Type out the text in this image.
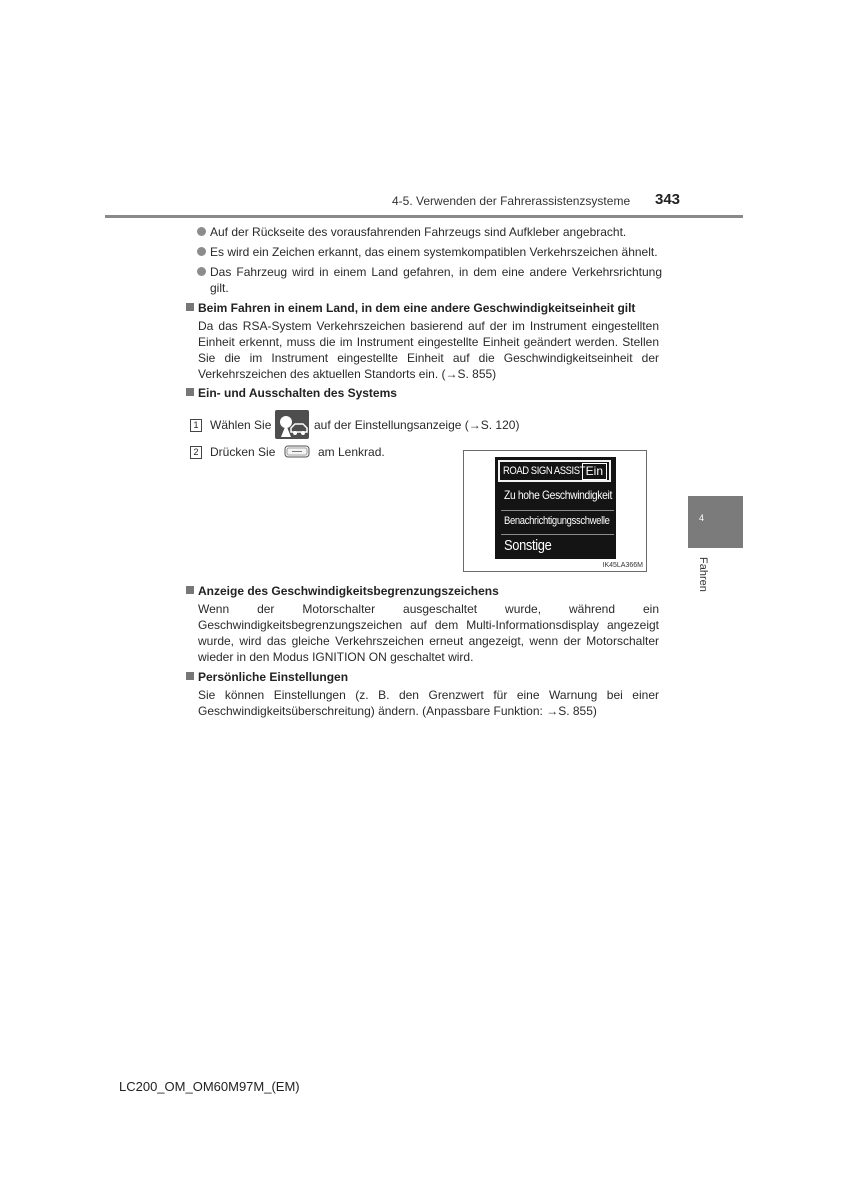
4-5. Verwenden der Fahrerassistenzsysteme 343
Auf der Rückseite des vorausfahrenden Fahrzeugs sind Aufkleber angebracht.
Es wird ein Zeichen erkannt, das einem systemkompatiblen Verkehrszeichen ähnelt.
Das Fahrzeug wird in einem Land gefahren, in dem eine andere Verkehrsrichtung gilt.
Beim Fahren in einem Land, in dem eine andere Geschwindigkeitseinheit gilt
Da das RSA-System Verkehrszeichen basierend auf der im Instrument eingestellten Einheit erkennt, muss die im Instrument eingestellte Einheit geändert werden. Stellen Sie die im Instrument eingestellte Einheit auf die Geschwindigkeitseinheit der Verkehrszeichen des aktuellen Standorts ein. (→S. 855)
Ein- und Ausschalten des Systems
1 Wählen Sie	auf der Einstellungsanzeige (→S. 120)
2 Drücken Sie	am Lenkrad.
ROAD SIGN ASSIST Ein
Zu hohe Geschwindigkeit
Benachrichtigungsschwelle
Sonstige
IK45LA366M
Anzeige des Geschwindigkeitsbegrenzungszeichens
Wenn der Motorschalter ausgeschaltet wurde, während ein Geschwindigkeitsbegrenzungszeichen auf dem Multi-Informationsdisplay angezeigt wurde, wird das gleiche Verkehrszeichen erneut angezeigt, wenn der Motorschalter wieder in den Modus IGNITION ON geschaltet wird.
Persönliche Einstellungen
Sie können Einstellungen (z. B. den Grenzwert für eine Warnung bei einer Geschwindigkeitsüberschreitung) ändern. (Anpassbare Funktion: →S. 855)
4
Fahren
LC200_OM_OM60M97M_(EM)
